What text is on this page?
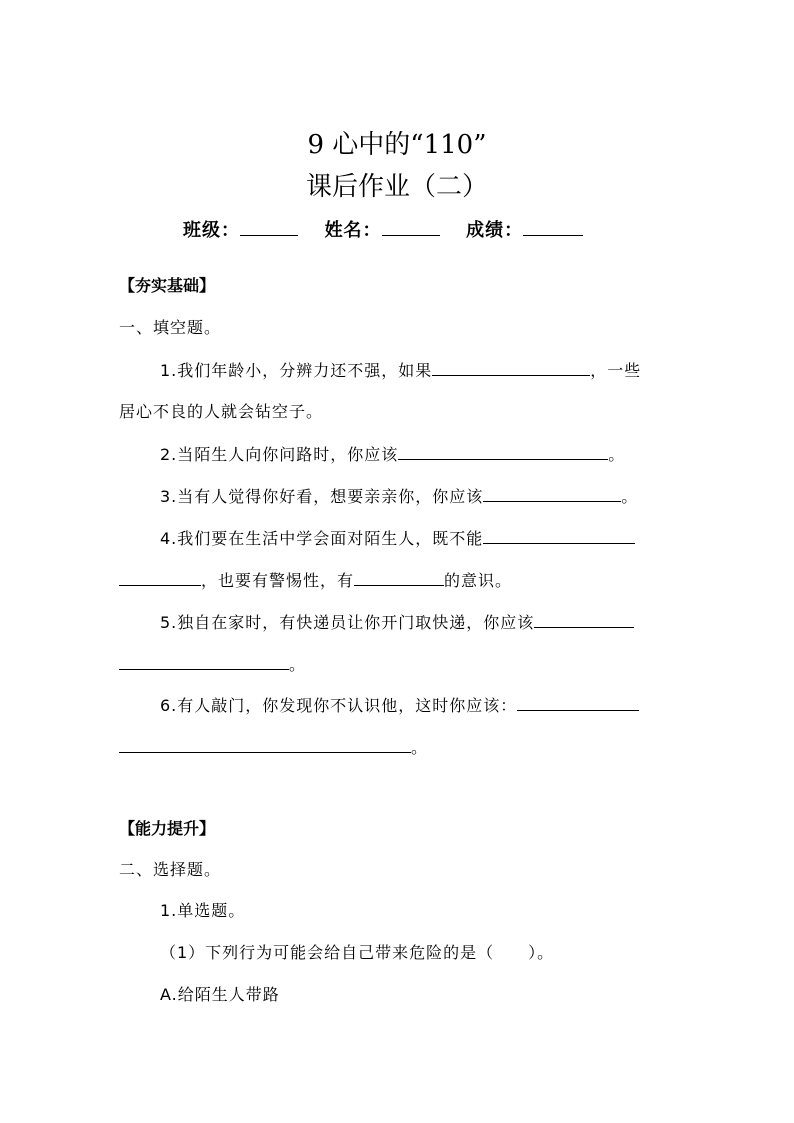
9 心中的“110”
课后作业（二）
班级：	姓名：	成绩：
【夯实基础】
一、填空题。
1.我们年龄小，分辨力还不强，如果	，一些
居心不良的人就会钻空子。
2.当陌生人向你问路时，你应该	。
3.当有人觉得你好看，想要亲亲你，你应该	。
4.我们要在生活中学会面对陌生人，既不能
，也要有警惕性，有	的意识。
5.独自在家时，有快递员让你开门取快递，你应该
。
6.有人敲门，你发现你不认识他，这时你应该：
。
【能力提升】
二、选择题。
1.单选题。
（1）下列行为可能会给自己带来危险的是（　　）。
A.给陌生人带路
